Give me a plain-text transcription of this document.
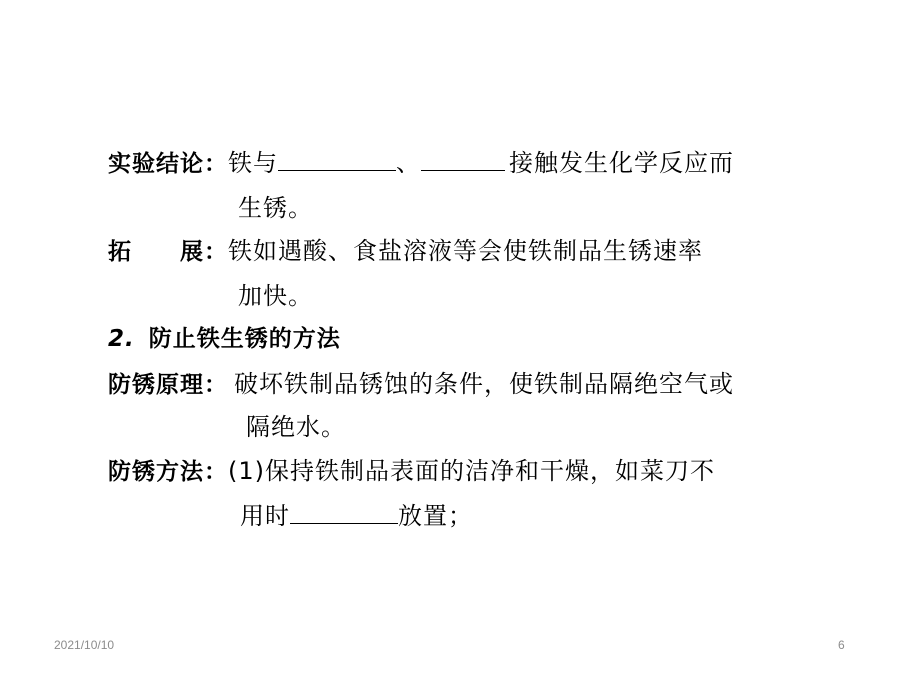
实验结论：铁与	、	接触发生化学反应而
生锈。
拓　　展：铁如遇酸、食盐溶液等会使铁制品生锈速率
加快。
2. 防止铁生锈的方法
防锈原理： 破坏铁制品锈蚀的条件，使铁制品隔绝空气或
隔绝水。
防锈方法：(1)保持铁制品表面的洁净和干燥，如菜刀不
用时	放置；
2021/10/10	6
